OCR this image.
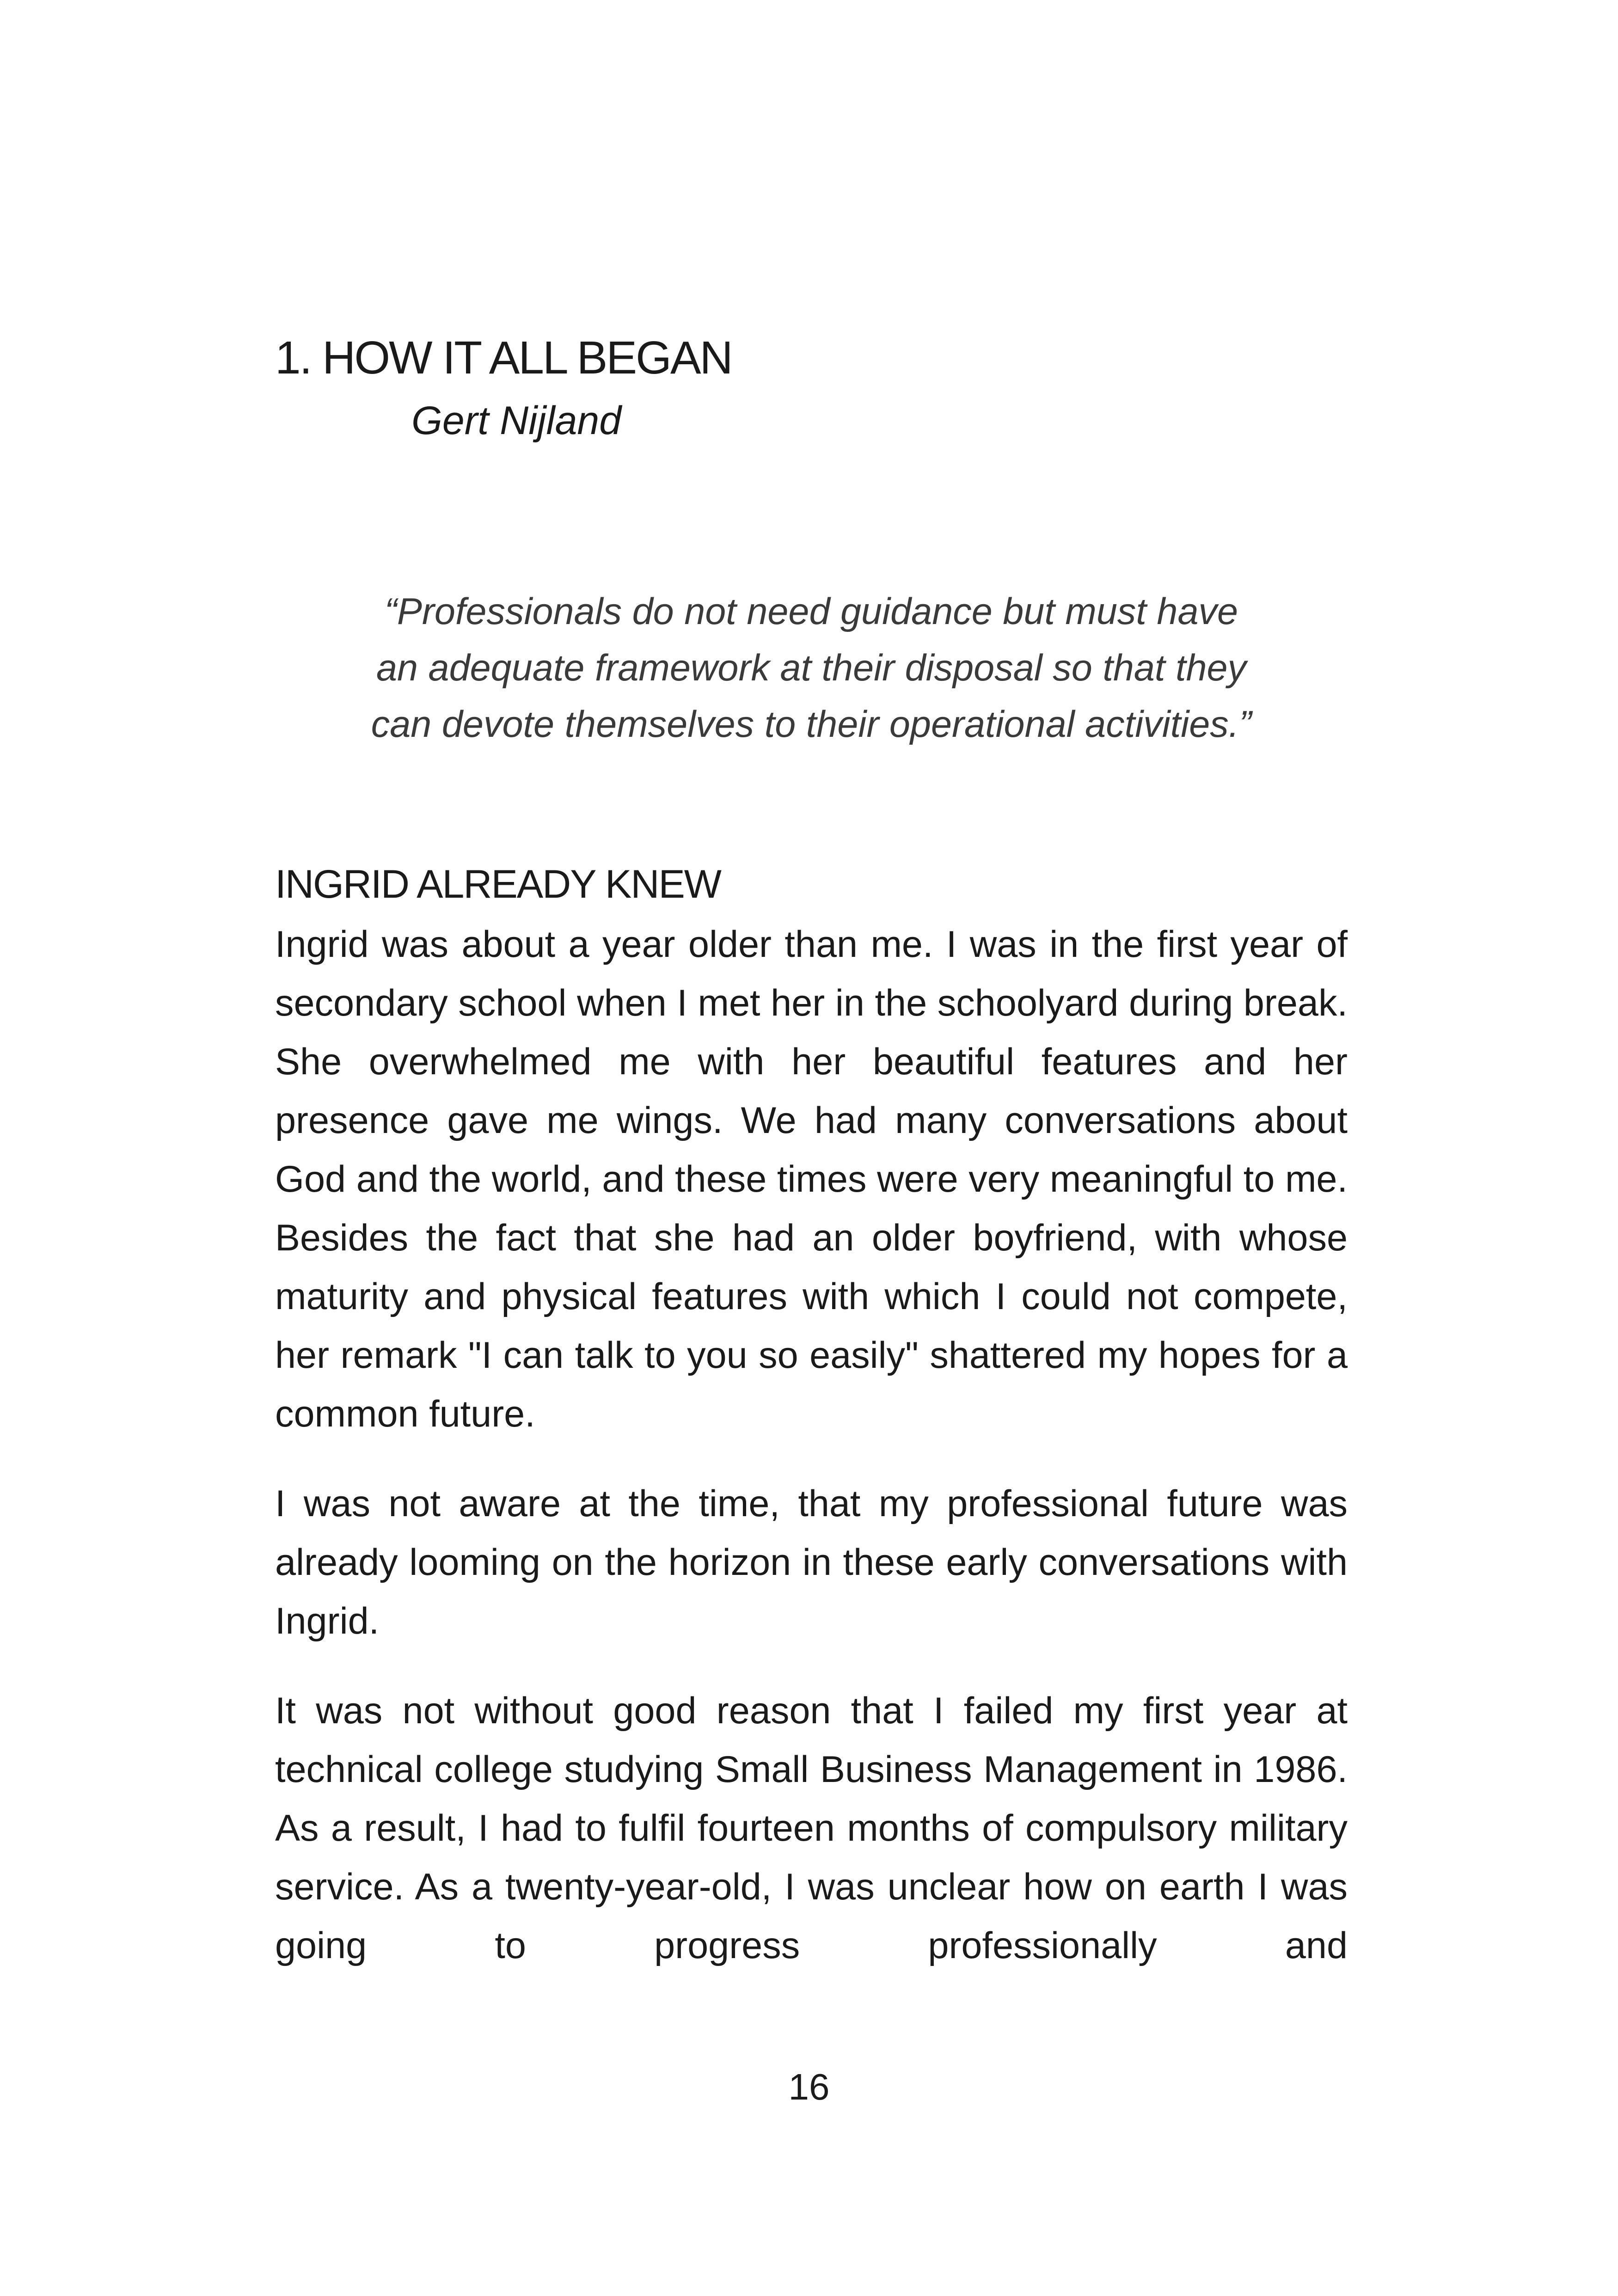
1. HOW IT ALL BEGAN

Gert Nijland

“Professionals do not need guidance but must have
an adequate framework at their disposal so that they
can devote themselves to their operational activities.”
INGRID ALREADY KNEW

Ingrid was about a year older than me. I was in the first year of secondary school when I met her in the schoolyard during break. She overwhelmed me with her beautiful features and her presence gave me wings. We had many conversations about God and the world, and these times were very meaningful to me. Besides the fact that she had an older boyfriend, with whose maturity and physical features with which I could not compete, her remark "I can talk to you so easily" shattered my hopes for a common future.

I was not aware at the time, that my professional future was already looming on the horizon in these early conversations with Ingrid.

It was not without good reason that I failed my first year at technical college studying Small Business Management in 1986. As a result, I had to fulfil fourteen months of compulsory military service. As a twenty-year-old, I was unclear how on earth I was going to progress professionally and

16
